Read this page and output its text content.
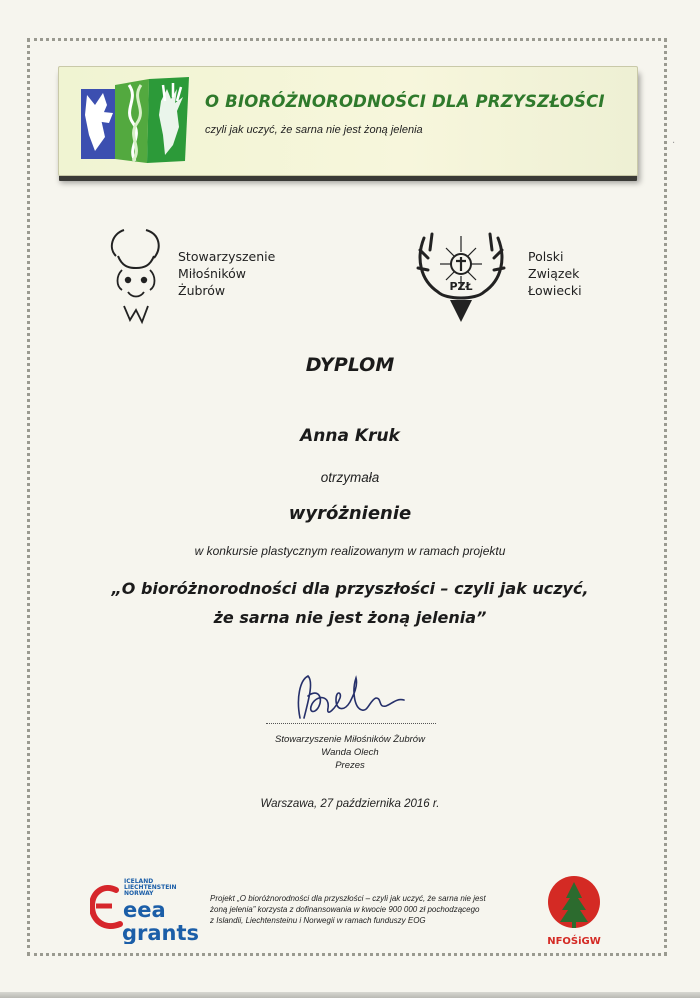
·
O BIORÓŻNORODNOŚCI DLA PRZYSZŁOŚCI
czyli jak uczyć, że sarna nie jest żoną jelenia
Stowarzyszenie
Miłośników
Żubrów	PZŁ
Polski
Związek
Łowiecki
DYPLOM
Anna Kruk
otrzymała
wyróżnienie
w konkursie plastycznym realizowanym w ramach projektu
„O bioróżnorodności dla przyszłości – czyli jak uczyć,
że sarna nie jest żoną jelenia”
Stowarzyszenie Miłośników Żubrów
Wanda Olech
Prezes
Warszawa, 27 października 2016 r.
ICELAND
LIECHTENSTEIN
NORWAY
eea
grants
Projekt „O bioróżnorodności dla przyszłości – czyli jak uczyć, że sarna nie jest
żoną jelenia” korzysta z dofinansowania w kwocie 900 000 zł pochodzącego
z Islandii, Liechtensteinu i Norwegii w ramach funduszy EOG
NFOŚiGW
